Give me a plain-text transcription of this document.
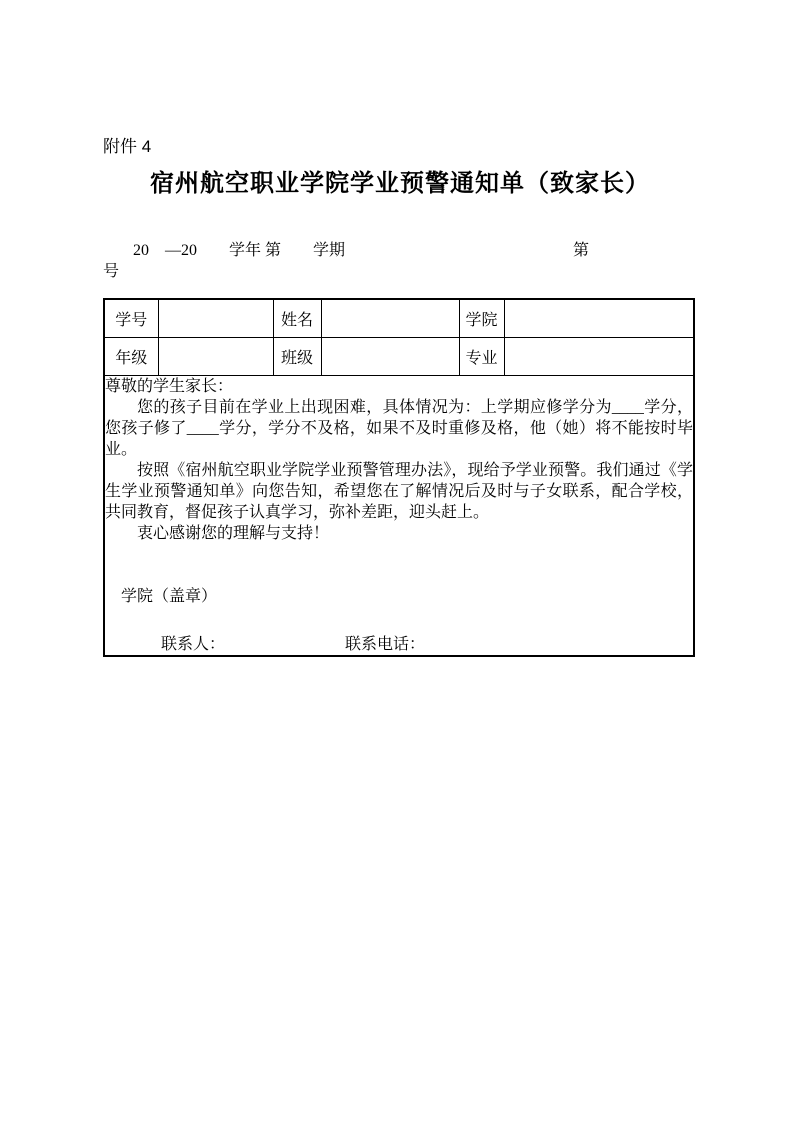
附件 4

宿州航空职业学院学业预警通知单（致家长）
20　—20　　学年 第　　学期	第

号

学号		姓名		学院	
年级		班级		专业	

尊敬的学生家长：

您的孩子目前在学业上出现困难，具体情况为：上学期应修学分为____学分，您孩子修了____学分，学分不及格，如果不及时重修及格，他（她）将不能按时毕业。

按照《宿州航空职业学院学业预警管理办法》，现给予学业预警。我们通过《学生学业预警通知单》向您告知，希望您在了解情况后及时与子女联系，配合学校，共同教育，督促孩子认真学习，弥补差距，迎头赶上。

衷心感谢您的理解与支持！

学院（盖章）

联系人：　　　　　　　　联系电话：
